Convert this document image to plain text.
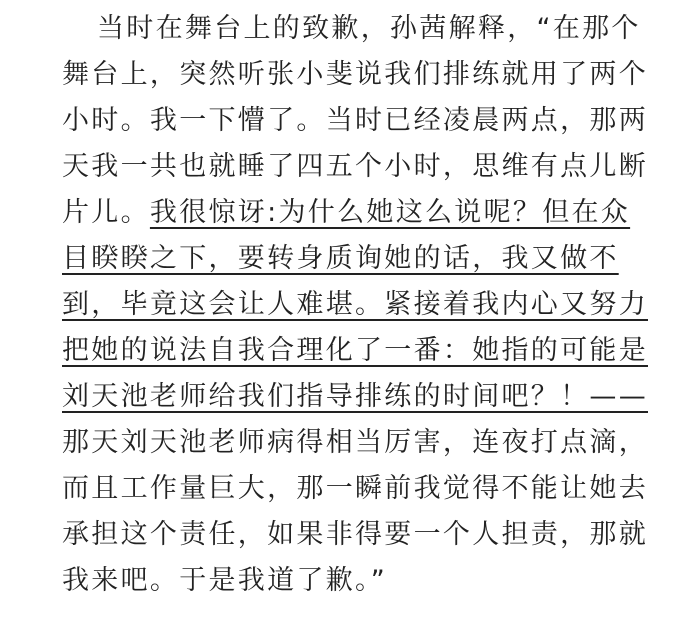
当时在舞台上的致歉，孙茜解释，“在那个
舞台上，突然听张小斐说我们排练就用了两个
小时。我一下懵了。当时已经凌晨两点，那两
天我一共也就睡了四五个小时，思维有点儿断
片儿。我很惊讶:为什么她这么说呢？但在众
目睽睽之下，要转身质询她的话，我又做不
到，毕竟这会让人难堪。紧接着我内心又努力
把她的说法自我合理化了一番：她指的可能是
刘天池老师给我们指导排练的时间吧？！——
那天刘天池老师病得相当厉害，连夜打点滴，
而且工作量巨大，那一瞬前我觉得不能让她去
承担这个责任，如果非得要一个人担责，那就
我来吧。于是我道了歉。”
